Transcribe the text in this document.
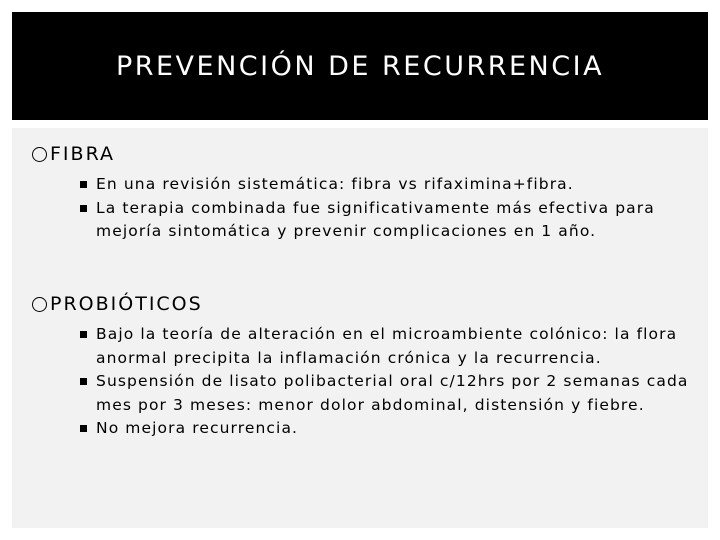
PREVENCIÓN DE RECURRENCIA
FIBRA
En una revisión sistemática: fibra vs rifaximina+fibra.
La terapia combinada fue significativamente más efectiva para mejoría sintomática y prevenir complicaciones en 1 año.
PROBIÓTICOS
Bajo la teoría de alteración en el microambiente colónico: la flora anormal precipita la inflamación crónica y la recurrencia.
Suspensión de lisato polibacterial oral c/12hrs por 2 semanas cada mes por 3 meses: menor dolor abdominal, distensión y fiebre.
No mejora recurrencia.
